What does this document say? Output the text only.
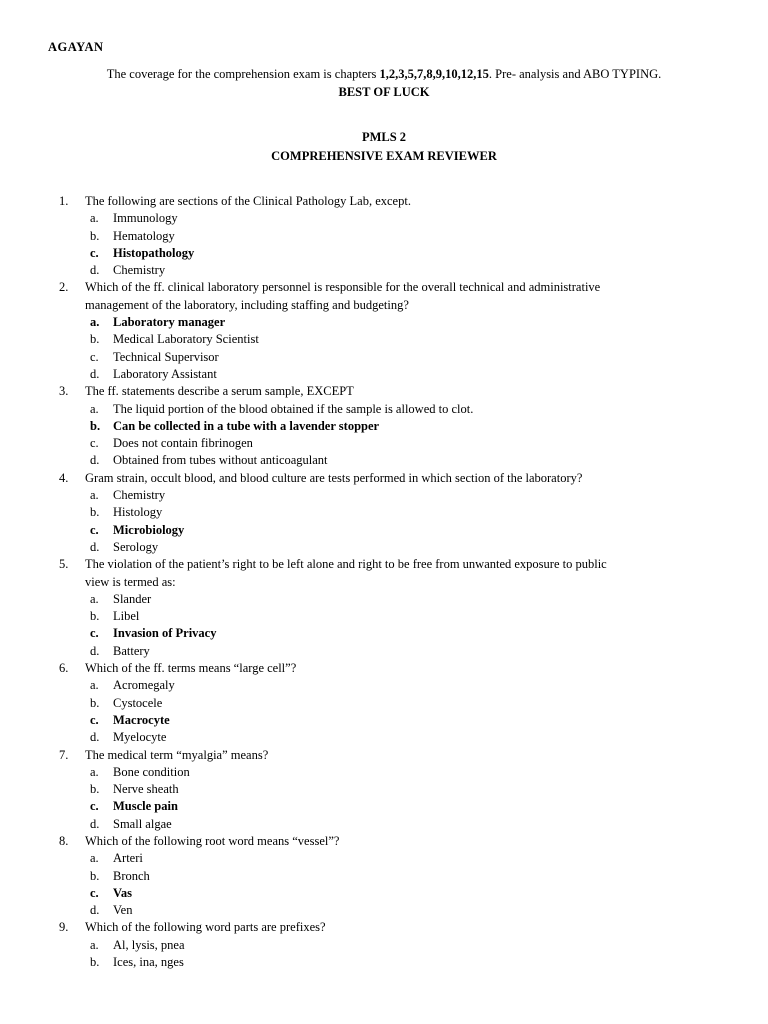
AGAYAN
The coverage for the comprehension exam is chapters 1,2,3,5,7,8,9,10,12,15. Pre- analysis and ABO TYPING.
BEST OF LUCK
PMLS 2
COMPREHENSIVE EXAM REVIEWER
1. The following are sections of the Clinical Pathology Lab, except.
a. Immunology
b. Hematology
c. Histopathology
d. Chemistry
2. Which of the ff. clinical laboratory personnel is responsible for the overall technical and administrative
management of the laboratory, including staffing and budgeting?
a. Laboratory manager
b. Medical Laboratory Scientist
c. Technical Supervisor
d. Laboratory Assistant
3. The ff. statements describe a serum sample, EXCEPT
a. The liquid portion of the blood obtained if the sample is allowed to clot.
b. Can be collected in a tube with a lavender stopper
c. Does not contain fibrinogen
d. Obtained from tubes without anticoagulant
4. Gram strain, occult blood, and blood culture are tests performed in which section of the laboratory?
a. Chemistry
b. Histology
c. Microbiology
d. Serology
5. The violation of the patient’s right to be left alone and right to be free from unwanted exposure to public
view is termed as:
a. Slander
b. Libel
c. Invasion of Privacy
d. Battery
6. Which of the ff. terms means “large cell”?
a. Acromegaly
b. Cystocele
c. Macrocyte
d. Myelocyte
7. The medical term “myalgia” means?
a. Bone condition
b. Nerve sheath
c. Muscle pain
d. Small algae
8. Which of the following root word means “vessel”?
a. Arteri
b. Bronch
c. Vas
d. Ven
9. Which of the following word parts are prefixes?
a. Al, lysis, pnea
b. Ices, ina, nges
